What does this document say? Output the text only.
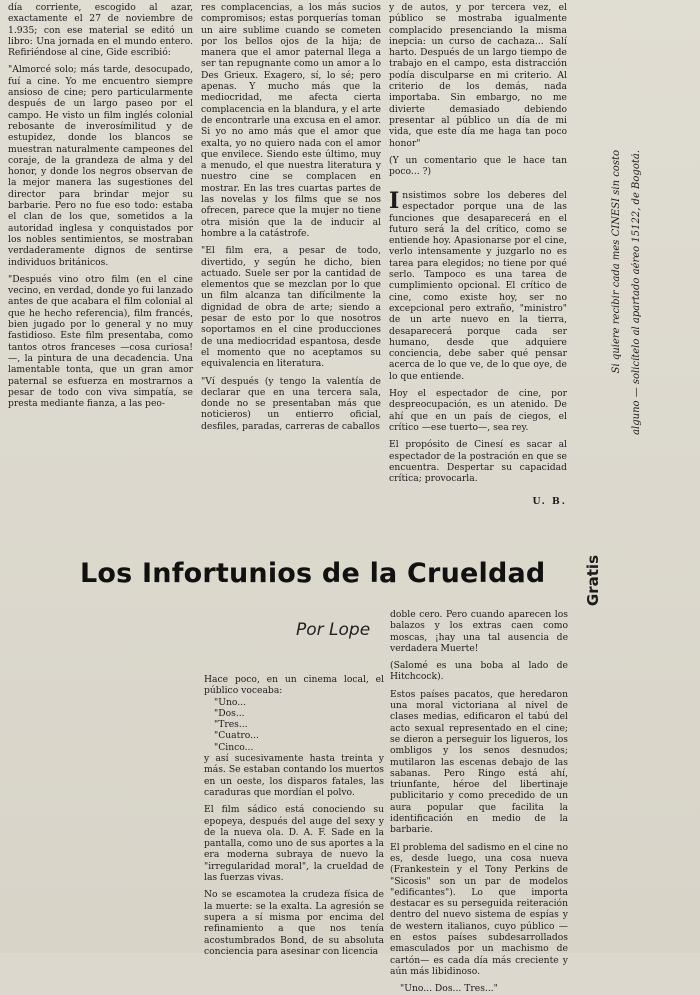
día corriente, escogido al azar, exactamente el 27 de noviembre de 1.935; con ese material se editó un libro: Una jornada en el mundo entero. Refiriéndose al cine, Gide escribió:

"Almorcé solo; más tarde, desocupado, fuí a cine. Yo me encuentro siempre ansioso de cine; pero particularmente después de un largo paseo por el campo. He visto un film inglés colonial rebosante de inverosímilitud y de estupidez, donde los blancos se muestran naturalmente campeones del coraje, de la grandeza de alma y del honor, y donde los negros observan de la mejor manera las sugestiones del director para brindar mejor su barbarie. Pero no fue eso todo: estaba el clan de los que, sometidos a la autoridad inglesa y conquistados por los nobles sentimientos, se mostraban verdaderamente dignos de sentirse individuos británicos.

"Después vino otro film (en el cine vecino, en verdad, donde yo fui lanzado antes de que acabara el film colonial al que he hecho referencia), film francés, bien jugado por lo general y no muy fastidioso. Este film presentaba, como tantos otros franceses —cosa curiosa!—, la pintura de una decadencia. Una lamentable tonta, que un gran amor paternal se esfuerza en mostrarnos a pesar de todo con viva simpatía, se presta mediante fianza, a las peo-

res complacencias, a los más sucios compromisos; estas porquerías toman un aire sublime cuando se cometen por los bellos ojos de la hija; de manera que el amor paternal llega a ser tan repugnante como un amor a lo Des Grieux. Exagero, sí, lo sé; pero apenas. Y mucho más que la mediocridad, me afecta cierta complacencia en la blandura, y el arte de encontrarle una excusa en el amor. Si yo no amo más que el amor que exalta, yo no quiero nada con el amor que envilece. Siendo este último, muy a menudo, el que nuestra literatura y nuestro cine se complacen en mostrar. En las tres cuartas partes de las novelas y los films que se nos ofrecen, parece que la mujer no tiene otra misión que la de inducir al hombre a la catástrofe.

"El film era, a pesar de todo, divertido, y según he dicho, bien actuado. Suele ser por la cantidad de elementos que se mezclan por lo que un film alcanza tan difícilmente la dignidad de obra de arte; siendo a pesar de esto por lo que nosotros soportamos en el cine producciones de una mediocridad espantosa, desde el momento que no aceptamos su equivalencia en literatura.

"Ví después (y tengo la valentía de declarar que en una tercera sala, donde no se presentaban más que noticieros) un entierro oficial, desfiles, paradas, carreras de caballos

y de autos, y por tercera vez, el público se mostraba igualmente complacido presenciando la misma inepcia: un curso de cachaza... Salí harto. Después de un largo tiempo de trabajo en el campo, esta distracción podía disculparse en mi criterio. Al criterio de los demás, nada importaba. Sin embargo, no me divierte demasiado debiendo presentar al público un día de mi vida, que este día me haga tan poco honor"

(Y un comentario que le hace tan poco... ?)

Insistimos sobre los deberes del espectador porque una de las funciones que desaparecerá en el futuro será la del crítico, como se entiende hoy. Apasionarse por el cine, verlo intensamente y juzgarlo no es tarea para elegidos; no tiene por qué serlo. Tampoco es una tarea de cumplimiento opcional. El crítico de cine, como existe hoy, ser no excepcional pero extraño, "ministro" de un arte nuevo en la tierra, desaparecerá porque cada ser humano, desde que adquiere conciencia, debe saber qué pensar acerca de lo que ve, de lo que oye, de lo que entiende.

Hoy el espectador de cine, por despreocupación, es un atenido. De ahí que en un país de ciegos, el crítico —ese tuerto—, sea rey.

El propósito de Cinesí es sacar al espectador de la postración en que se encuentra. Despertar su capacidad crítica; provocarla.

U. B.
Si quiere recibir cada mes CINESI sin costo alguno — solicítelo al apartado aéreo 15122, de Bogotá.
Gratis
Los Infortunios de la Crueldad
Por Lope

Hace poco, en un cinema local, el público voceaba:

"Uno...

"Dos...

"Tres...

"Cuatro...

"Cinco...

y así sucesivamente hasta treinta y más. Se estaban contando los muertos en un oeste, los disparos fatales, las caraduras que mordían el polvo.

El film sádico está conociendo su epopeya, después del auge del sexy y de la nueva ola. D. A. F. Sade en la pantalla, como uno de sus aportes a la era moderna subraya de nuevo la "irregularidad moral", la crueldad de las fuerzas vivas.

No se escamotea la crudeza física de la muerte: se la exalta. La agresión se supera a sí misma por encima del refinamiento a que nos tenía acostumbrados Bond, de su absoluta conciencia para asesinar con licencia

doble cero. Pero cuando aparecen los balazos y los extras caen como moscas, ¡hay una tal ausencia de verdadera Muerte!

(Salomé es una boba al lado de Hitchcock).

Estos países pacatos, que heredaron una moral victoriana al nivel de clases medias, edificaron el tabú del acto sexual representado en el cine; se dieron a perseguir los ligueros, los ombligos y los senos desnudos; mutilaron las escenas debajo de las sabanas. Pero Ringo está ahí, triunfante, héroe del libertinaje publicitario y como precedido de un aura popular que facilita la identificación en medio de la barbarie.

El problema del sadismo en el cine no es, desde luego, una cosa nueva (Frankestein y el Tony Perkins de "Sicosis" son un par de modelos "edificantes"). Lo que importa destacar es su perseguida reiteración dentro del nuevo sistema de espías y de western italianos, cuyo público —en estos países subdesarrollados emasculados por un machismo de cartón— es cada día más creciente y aún más libidinoso.

"Uno... Dos... Tres..."
